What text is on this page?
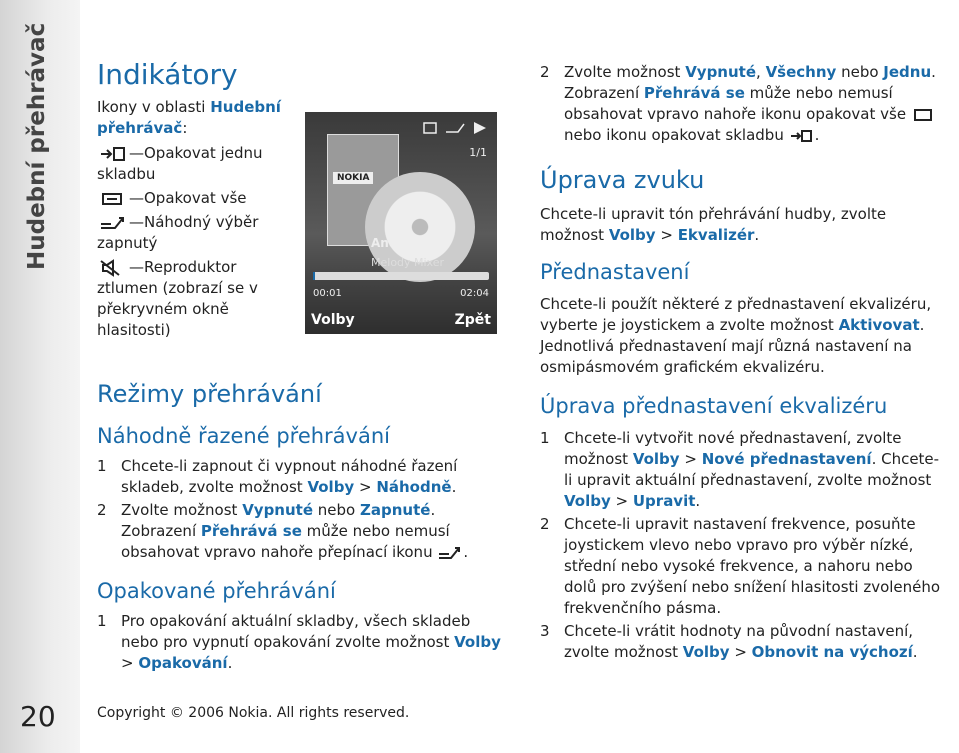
Hudební přehrávač
20
Indikátory
Ikony v oblasti Hudební přehrávač:
—Opakovat jednu
skladbu
—Opakovat vše
—Náhodný výběr
zapnutý
—Reproduktor
ztlumen (zobrazí se v překryvném okně hlasitosti)
NOKIA
1/1
Andromeda
Melody Mixer
00:01	02:04
Volby	Zpět
Režimy přehrávání
Náhodně řazené přehrávání
1 Chcete-li zapnout či vypnout náhodné řazení skladeb, zvolte možnost Volby > Náhodně.
2 Zvolte možnost Vypnuté nebo Zapnuté. Zobrazení Přehrává se může nebo nemusí obsahovat vpravo nahoře přepínací ikonu .
Opakované přehrávání
1 Pro opakování aktuální skladby, všech skladeb nebo pro vypnutí opakování zvolte možnost Volby > Opakování.
2 Zvolte možnost Vypnuté, Všechny nebo Jednu. Zobrazení Přehrává se může nebo nemusí obsahovat vpravo nahoře ikonu opakovat vše  nebo ikonu opakovat skladbu .
Úprava zvuku
Chcete-li upravit tón přehrávání hudby, zvolte možnost Volby > Ekvalizér.
Přednastavení
Chcete-li použít některé z přednastavení ekvalizéru, vyberte je joystickem a zvolte možnost Aktivovat. Jednotlivá přednastavení mají různá nastavení na osmipásmovém grafickém ekvalizéru.
Úprava přednastavení ekvalizéru
1 Chcete-li vytvořit nové přednastavení, zvolte možnost Volby > Nové přednastavení. Chcete-li upravit aktuální přednastavení, zvolte možnost Volby > Upravit.
2 Chcete-li upravit nastavení frekvence, posuňte joystickem vlevo nebo vpravo pro výběr nízké, střední nebo vysoké frekvence, a nahoru nebo dolů pro zvýšení nebo snížení hlasitosti zvoleného frekvenčního pásma.
3 Chcete-li vrátit hodnoty na původní nastavení, zvolte možnost Volby > Obnovit na výchozí.
Copyright © 2006 Nokia. All rights reserved.
